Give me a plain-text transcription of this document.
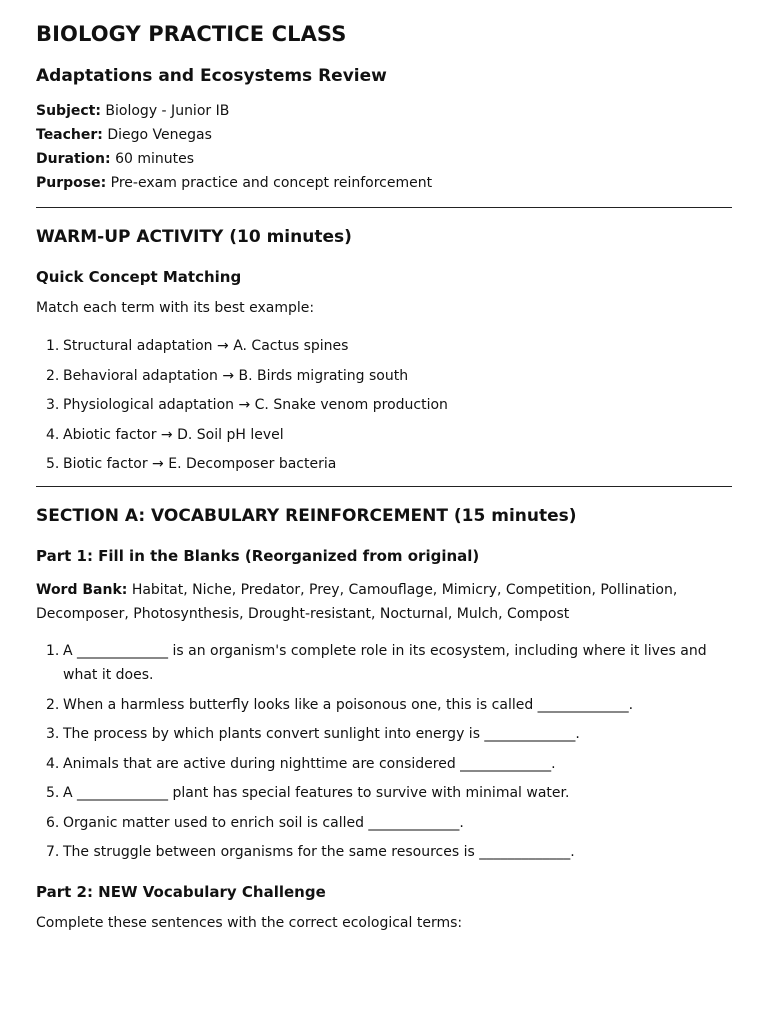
BIOLOGY PRACTICE CLASS
Adaptations and Ecosystems Review
Subject: Biology - Junior IB
Teacher: Diego Venegas
Duration: 60 minutes
Purpose: Pre-exam practice and concept reinforcement
WARM-UP ACTIVITY (10 minutes)
Quick Concept Matching

Match each term with its best example:

1. Structural adaptation → A. Cactus spines
2. Behavioral adaptation → B. Birds migrating south
3. Physiological adaptation → C. Snake venom production
4. Abiotic factor → D. Soil pH level
5. Biotic factor → E. Decomposer bacteria
SECTION A: VOCABULARY REINFORCEMENT (15 minutes)
Part 1: Fill in the Blanks (Reorganized from original)

Word Bank: Habitat, Niche, Predator, Prey, Camouflage, Mimicry, Competition, Pollination, Decomposer, Photosynthesis, Drought-resistant, Nocturnal, Mulch, Compost

1. A _____________ is an organism's complete role in its ecosystem, including where it lives and what it does.
2. When a harmless butterfly looks like a poisonous one, this is called _____________.
3. The process by which plants convert sunlight into energy is _____________.
4. Animals that are active during nighttime are considered _____________.
5. A _____________ plant has special features to survive with minimal water.
6. Organic matter used to enrich soil is called _____________.
7. The struggle between organisms for the same resources is _____________.
Part 2: NEW Vocabulary Challenge

Complete these sentences with the correct ecological terms:
